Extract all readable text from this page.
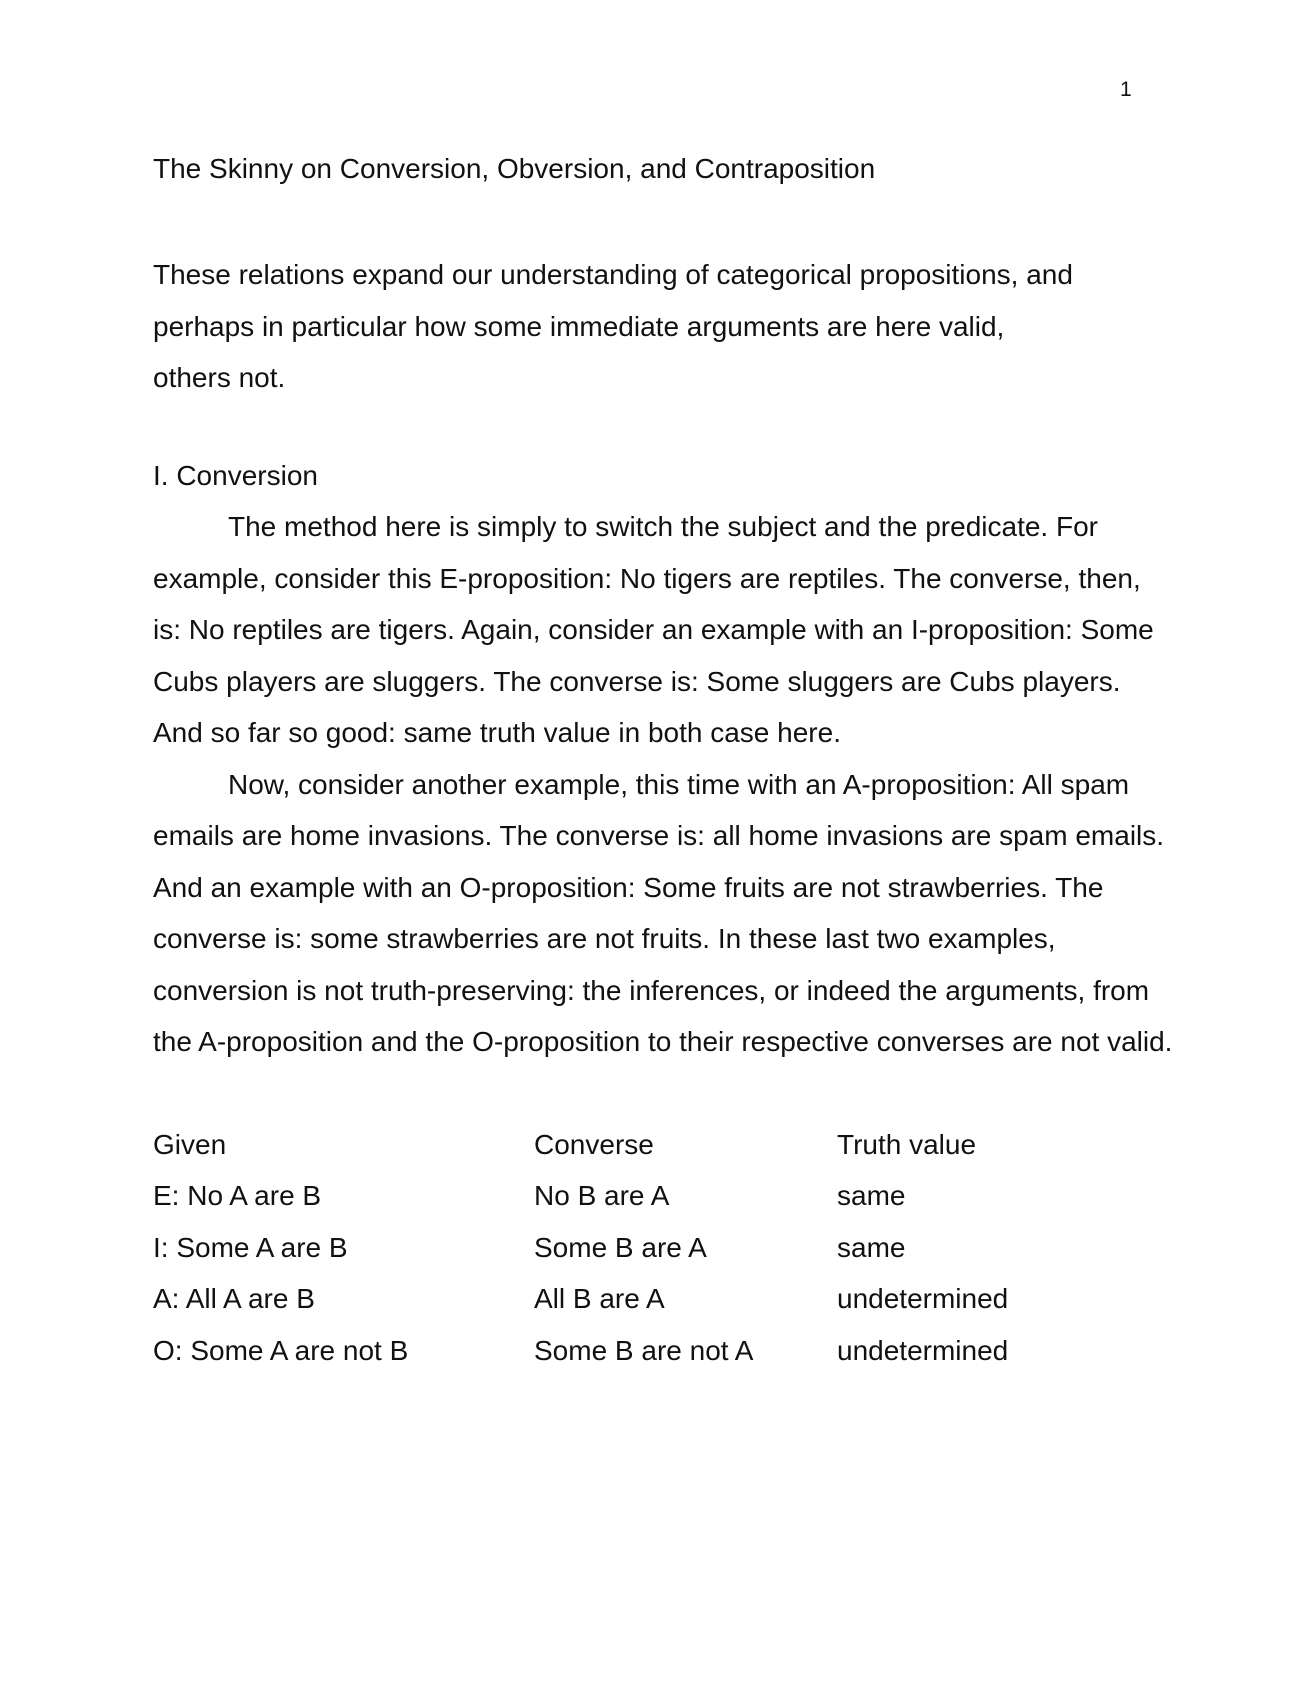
1
The Skinny on Conversion, Obversion, and Contraposition
These relations expand our understanding of categorical propositions, and
perhaps in particular how some immediate arguments are here valid,
others not.
I. Conversion

The method here is simply to switch the subject and the predicate. For example, consider this E-proposition: No tigers are reptiles. The converse, then, is: No reptiles are tigers. Again, consider an example with an I-proposition: Some Cubs players are sluggers. The converse is: Some sluggers are Cubs players. And so far so good: same truth value in both case here.

Now, consider another example, this time with an A-proposition: All spam emails are home invasions. The converse is: all home invasions are spam emails. And an example with an O-proposition: Some fruits are not strawberries. The converse is: some strawberries are not fruits. In these last two examples, conversion is not truth-preserving: the inferences, or indeed the arguments, from the A-proposition and the O-proposition to their respective converses are not valid.

Given	Converse	Truth value
E: No A are B	No B are A	same
I: Some A are B	Some B are A	same
A: All A are B	All B are A	undetermined
O: Some A are not B	Some B are not A	undetermined
